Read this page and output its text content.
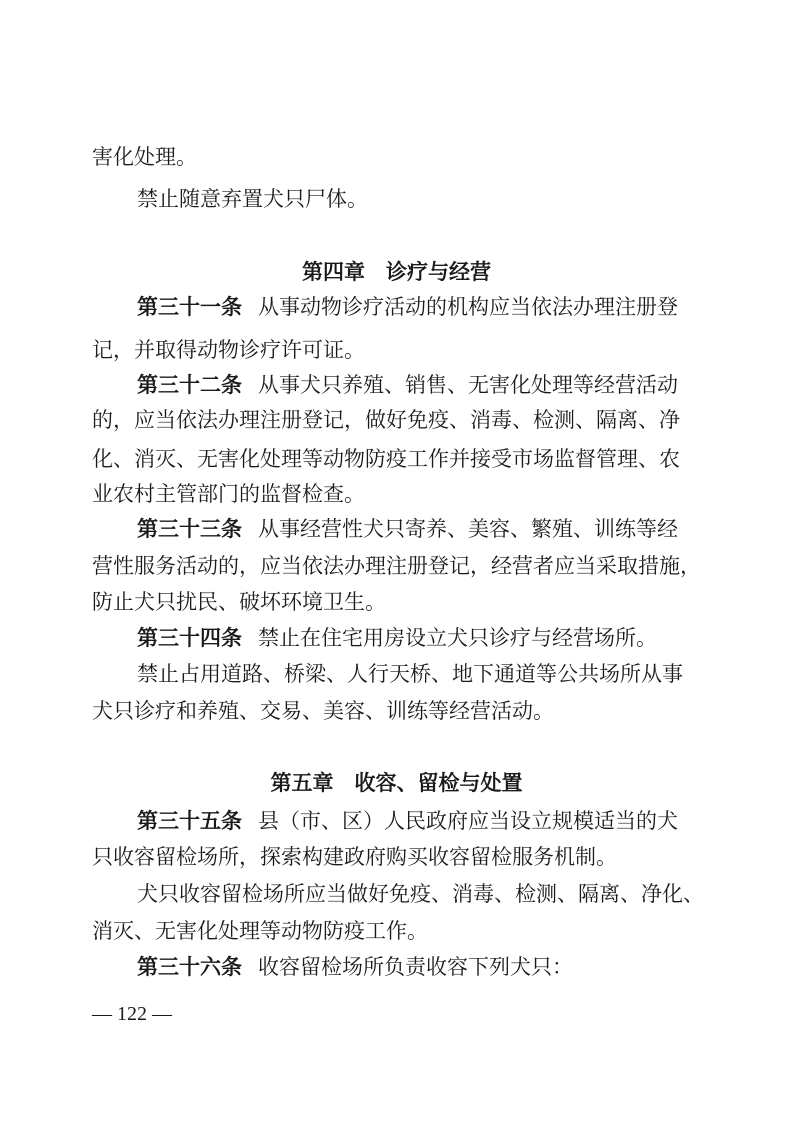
害化处理。
禁止随意弃置犬只尸体。
第四章　诊疗与经营
第三十一条 从事动物诊疗活动的机构应当依法办理注册登
记，并取得动物诊疗许可证。
第三十二条 从事犬只养殖、销售、无害化处理等经营活动
的，应当依法办理注册登记，做好免疫、消毒、检测、隔离、净
化、消灭、无害化处理等动物防疫工作并接受市场监督管理、农
业农村主管部门的监督检查。
第三十三条 从事经营性犬只寄养、美容、繁殖、训练等经
营性服务活动的，应当依法办理注册登记，经营者应当采取措施，
防止犬只扰民、破坏环境卫生。
第三十四条 禁止在住宅用房设立犬只诊疗与经营场所。
禁止占用道路、桥梁、人行天桥、地下通道等公共场所从事
犬只诊疗和养殖、交易、美容、训练等经营活动。
第五章　收容、留检与处置
第三十五条 县（市、区）人民政府应当设立规模适当的犬
只收容留检场所，探索构建政府购买收容留检服务机制。
犬只收容留检场所应当做好免疫、消毒、检测、隔离、净化、
消灭、无害化处理等动物防疫工作。
第三十六条 收容留检场所负责收容下列犬只：
— 122 —
